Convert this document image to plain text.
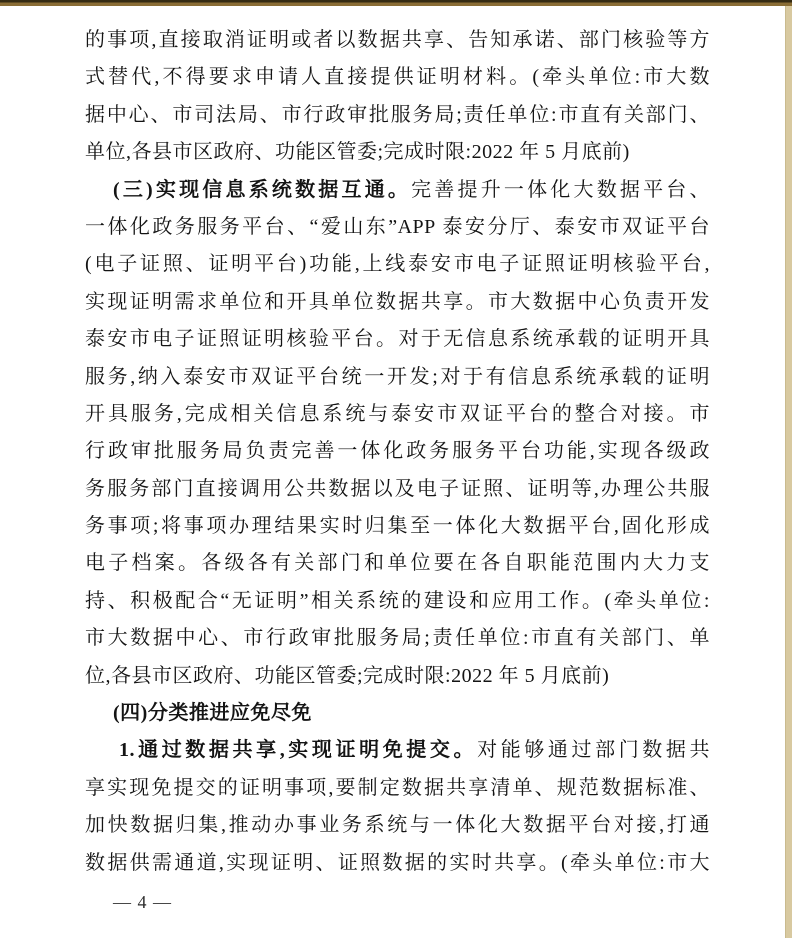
的事项,直接取消证明或者以数据共享、告知承诺、部门核验等方
式替代,不得要求申请人直接提供证明材料。(牵头单位:市大数
据中心、市司法局、市行政审批服务局;责任单位:市直有关部门、
单位,各县市区政府、功能区管委;完成时限:2022 年 5 月底前)
(三)实现信息系统数据互通。完善提升一体化大数据平台、
一体化政务服务平台、“爱山东”APP 泰安分厅、泰安市双证平台
(电子证照、证明平台)功能,上线泰安市电子证照证明核验平台,
实现证明需求单位和开具单位数据共享。市大数据中心负责开发
泰安市电子证照证明核验平台。对于无信息系统承载的证明开具
服务,纳入泰安市双证平台统一开发;对于有信息系统承载的证明
开具服务,完成相关信息系统与泰安市双证平台的整合对接。市
行政审批服务局负责完善一体化政务服务平台功能,实现各级政
务服务部门直接调用公共数据以及电子证照、证明等,办理公共服
务事项;将事项办理结果实时归集至一体化大数据平台,固化形成
电子档案。各级各有关部门和单位要在各自职能范围内大力支
持、积极配合“无证明”相关系统的建设和应用工作。(牵头单位:
市大数据中心、市行政审批服务局;责任单位:市直有关部门、单
位,各县市区政府、功能区管委;完成时限:2022 年 5 月底前)
(四)分类推进应免尽免
1.通过数据共享,实现证明免提交。对能够通过部门数据共
享实现免提交的证明事项,要制定数据共享清单、规范数据标准、
加快数据归集,推动办事业务系统与一体化大数据平台对接,打通
数据供需通道,实现证明、证照数据的实时共享。(牵头单位:市大
— 4 —
